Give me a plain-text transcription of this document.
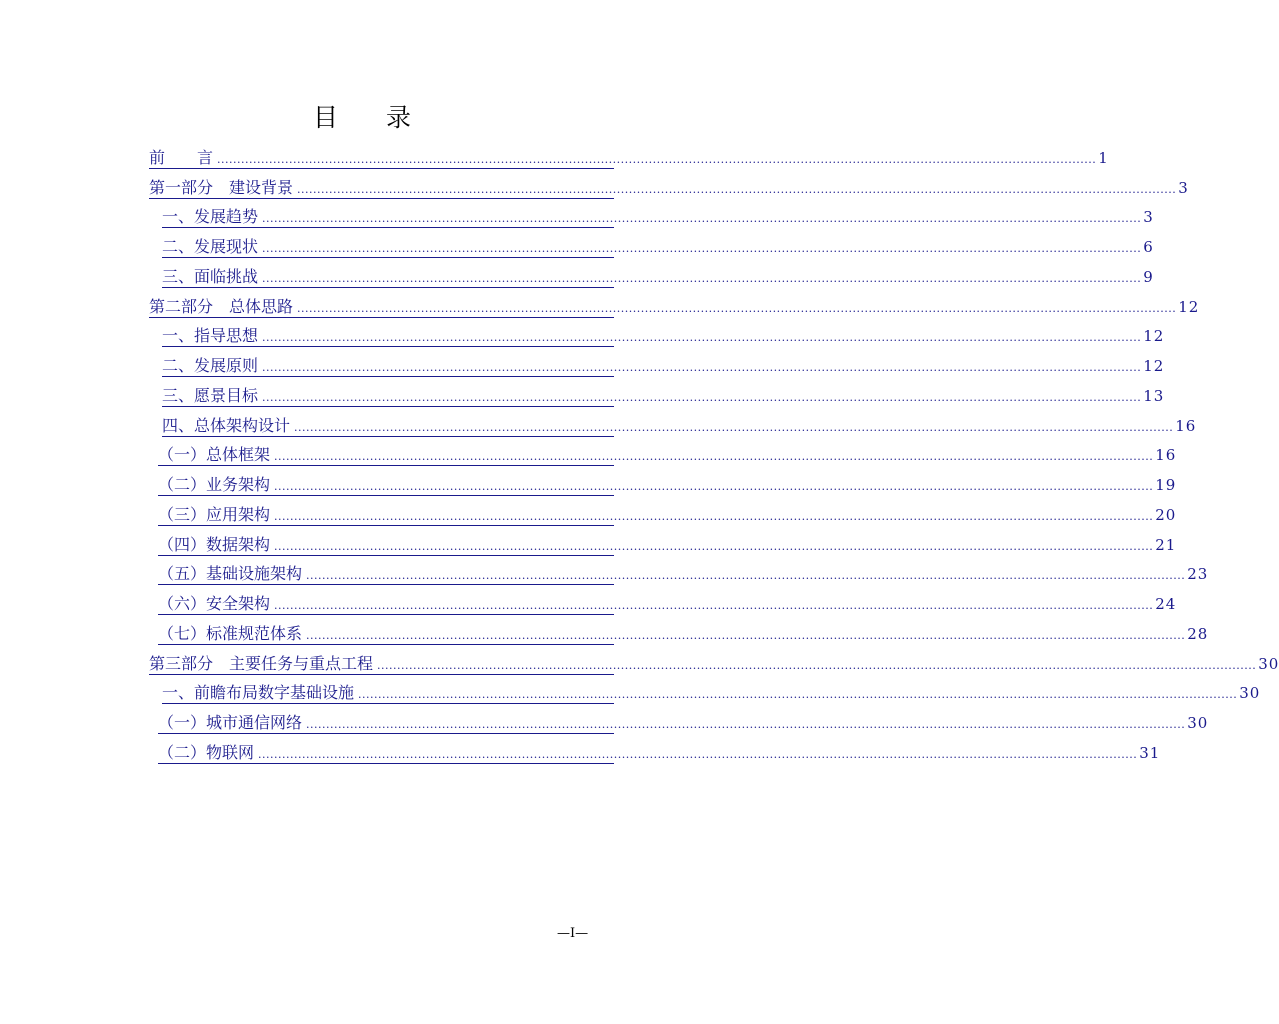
目 录
前　　言 ............................................................................................................................................................................................................................ 1
第一部分　建设背景 ............................................................................................................................................................................................................................ 3
一、发展趋势 ............................................................................................................................................................................................................................ 3
二、发展现状 ............................................................................................................................................................................................................................ 6
三、面临挑战 ............................................................................................................................................................................................................................ 9
第二部分　总体思路 ............................................................................................................................................................................................................................ 12
一、指导思想 ............................................................................................................................................................................................................................ 12
二、发展原则 ............................................................................................................................................................................................................................ 12
三、愿景目标 ............................................................................................................................................................................................................................ 13
四、总体架构设计 ............................................................................................................................................................................................................................ 16
（一）总体框架 ............................................................................................................................................................................................................................ 16
（二）业务架构 ............................................................................................................................................................................................................................ 19
（三）应用架构 ............................................................................................................................................................................................................................ 20
（四）数据架构 ............................................................................................................................................................................................................................ 21
（五）基础设施架构 ............................................................................................................................................................................................................................ 23
（六）安全架构 ............................................................................................................................................................................................................................ 24
（七）标准规范体系 ............................................................................................................................................................................................................................ 28
第三部分　主要任务与重点工程 ............................................................................................................................................................................................................................ 30
一、前瞻布局数字基础设施 ............................................................................................................................................................................................................................ 30
（一）城市通信网络 ............................................................................................................................................................................................................................ 30
（二）物联网 ............................................................................................................................................................................................................................ 31
—I—
